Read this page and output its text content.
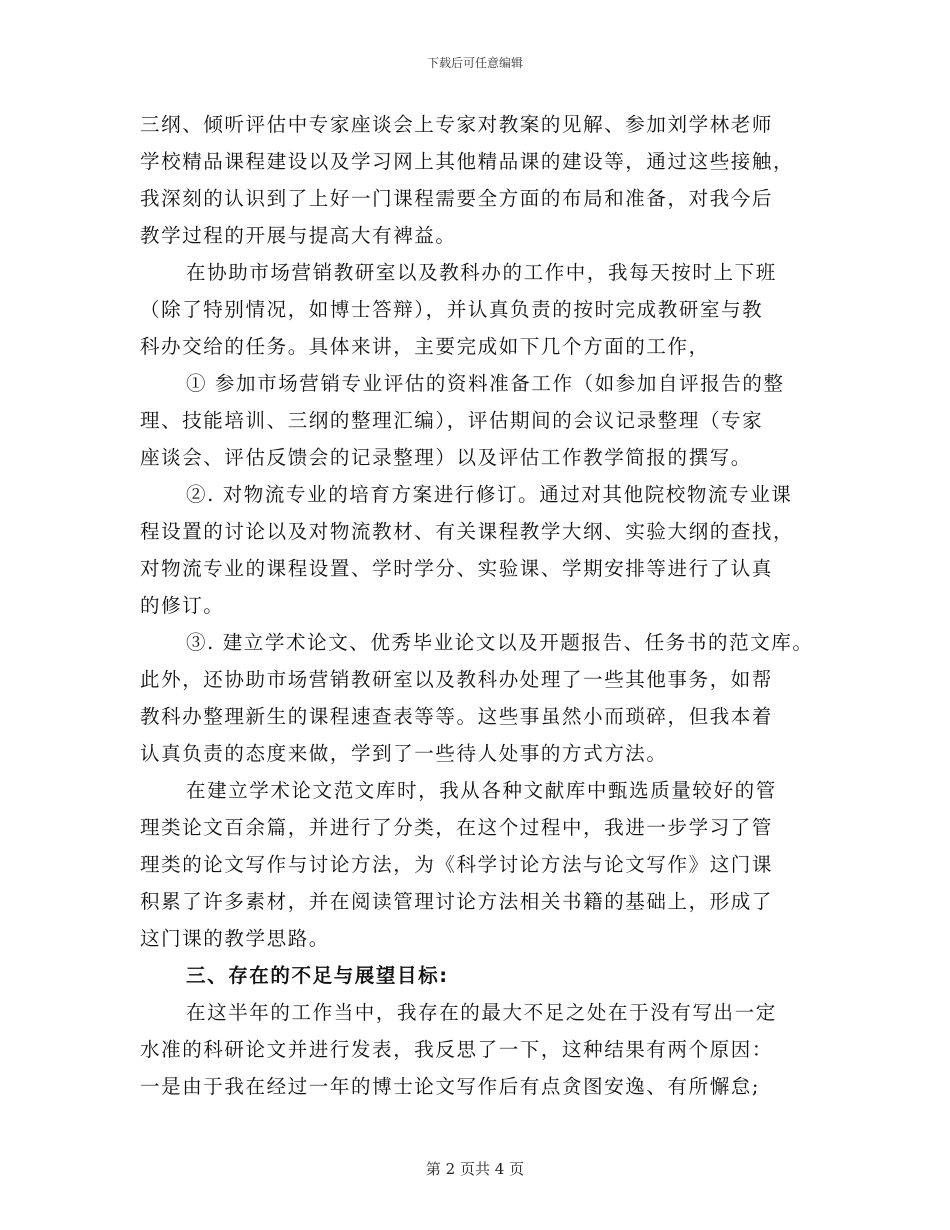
下载后可任意编辑
三纲、倾听评估中专家座谈会上专家对教案的见解、参加刘学林老师
学校精品课程建设以及学习网上其他精品课的建设等，通过这些接触，
我深刻的认识到了上好一门课程需要全方面的布局和准备，对我今后
教学过程的开展与提高大有裨益。
在协助市场营销教研室以及教科办的工作中，我每天按时上下班
（除了特别情况，如博士答辩），并认真负责的按时完成教研室与教
科办交给的任务。具体来讲，主要完成如下几个方面的工作，
① 参加市场营销专业评估的资料准备工作（如参加自评报告的整
理、技能培训、三纲的整理汇编），评估期间的会议记录整理（专家
座谈会、评估反馈会的记录整理）以及评估工作教学简报的撰写。
②. 对物流专业的培育方案进行修订。通过对其他院校物流专业课
程设置的讨论以及对物流教材、有关课程教学大纲、实验大纲的查找，
对物流专业的课程设置、学时学分、实验课、学期安排等进行了认真
的修订。
③. 建立学术论文、优秀毕业论文以及开题报告、任务书的范文库。
此外，还协助市场营销教研室以及教科办处理了一些其他事务，如帮
教科办整理新生的课程速查表等等。这些事虽然小而琐碎，但我本着
认真负责的态度来做，学到了一些待人处事的方式方法。
在建立学术论文范文库时，我从各种文献库中甄选质量较好的管
理类论文百余篇，并进行了分类，在这个过程中，我进一步学习了管
理类的论文写作与讨论方法，为《科学讨论方法与论文写作》这门课
积累了许多素材，并在阅读管理讨论方法相关书籍的基础上，形成了
这门课的教学思路。
三、存在的不足与展望目标:
在这半年的工作当中，我存在的最大不足之处在于没有写出一定
水准的科研论文并进行发表，我反思了一下，这种结果有两个原因：
一是由于我在经过一年的博士论文写作后有点贪图安逸、有所懈怠;
第 2 页共 4 页
